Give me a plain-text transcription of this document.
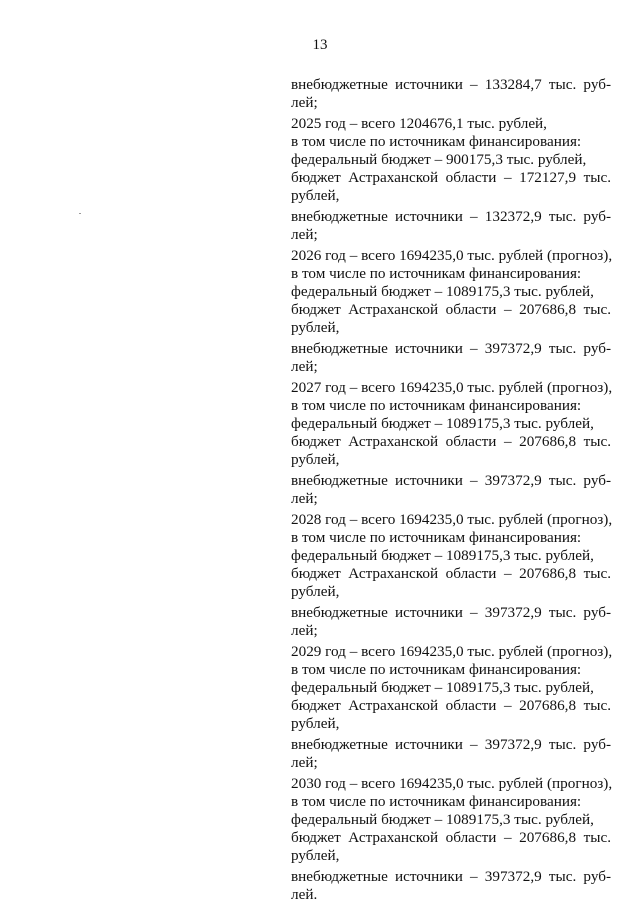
13
внебюджетные источники – 133284,7 тыс. руб-
лей;
2025 год – всего 1204676,1 тыс. рублей,
в том числе по источникам финансирования:
федеральный бюджет – 900175,3 тыс. рублей,
бюджет Астраханской области – 172127,9 тыс.
рублей,
внебюджетные источники – 132372,9 тыс. руб-
лей;
2026 год – всего 1694235,0 тыс. рублей (прогноз),
в том числе по источникам финансирования:
федеральный бюджет – 1089175,3 тыс. рублей,
бюджет Астраханской области – 207686,8 тыс.
рублей,
внебюджетные источники – 397372,9 тыс. руб-
лей;
2027 год – всего 1694235,0 тыс. рублей (прогноз),
в том числе по источникам финансирования:
федеральный бюджет – 1089175,3 тыс. рублей,
бюджет Астраханской области – 207686,8 тыс.
рублей,
внебюджетные источники – 397372,9 тыс. руб-
лей;
2028 год – всего 1694235,0 тыс. рублей (прогноз),
в том числе по источникам финансирования:
федеральный бюджет – 1089175,3 тыс. рублей,
бюджет Астраханской области – 207686,8 тыс.
рублей,
внебюджетные источники – 397372,9 тыс. руб-
лей;
2029 год – всего 1694235,0 тыс. рублей (прогноз),
в том числе по источникам финансирования:
федеральный бюджет – 1089175,3 тыс. рублей,
бюджет Астраханской области – 207686,8 тыс.
рублей,
внебюджетные источники – 397372,9 тыс. руб-
лей;
2030 год – всего 1694235,0 тыс. рублей (прогноз),
в том числе по источникам финансирования:
федеральный бюджет – 1089175,3 тыс. рублей,
бюджет Астраханской области – 207686,8 тыс.
рублей,
внебюджетные источники – 397372,9 тыс. руб-
лей.
